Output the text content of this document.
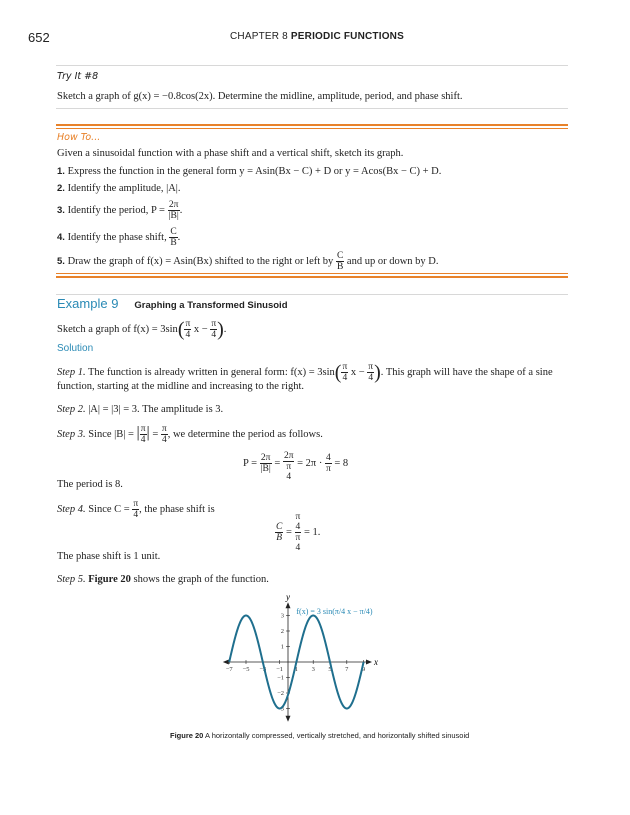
652	CHAPTER 8 PERIODIC FUNCTIONS
Try It #8
Sketch a graph of g(x) = −0.8cos(2x). Determine the midline, amplitude, period, and phase shift.
How To...
Given a sinusoidal function with a phase shift and a vertical shift, sketch its graph.
1. Express the function in the general form y = Asin(Bx − C) + D or y = Acos(Bx − C) + D.
2. Identify the amplitude, |A|.
3. Identify the period, $P = \frac{2\pi}{|B|}$ .
4. Identify the phase shift, $\frac{C}{B}$ .
5. Draw the graph of f(x) = Asin(Bx) shifted to the right or left by $\frac{C}{B}$ and up or down by D.
Example 9 Graphing a Transformed Sinusoid
Sketch a graph of $f(x) = 3\sin( \frac{\pi}{4}$ $x - \frac{\pi}{4}$ ).
Solution
Step 1. The function is already written in general form: $f(x) = 3\sin( \frac{\pi}{4}$ $x - \frac{\pi}{4}$ ). This graph will have the shape of a sine
function, starting at the midline and increasing to the right.
Step 2. |A| = |3| = 3. The amplitude is 3.
Step 3. Since |B| = | $\frac{\pi}{4}$ | = $\frac{\pi}{4}$ , we determine the period as follows.
$P = \frac{2\pi}{|B|}$ =
2π
π
4
= $2\pi \cdot \frac{4}{\pi} = 8$
The period is 8.
Step 4. Since $C = \frac{\pi}{4}$ , the phase shift is
$\frac{C}{B} = \pi$
4
π
4 = 1.
The phase shift is 1 unit.
Step 5. Figure 20 shows the graph of the function.
−7 −5 −3 −1 1 3 5 7 9
3
2
1
−1
−2
−3
x
y
f(x) = 3 sin(π/4 x − π/4)
Figure 20 A horizontally compressed, vertically stretched, and horizontally shifted sinusoid
